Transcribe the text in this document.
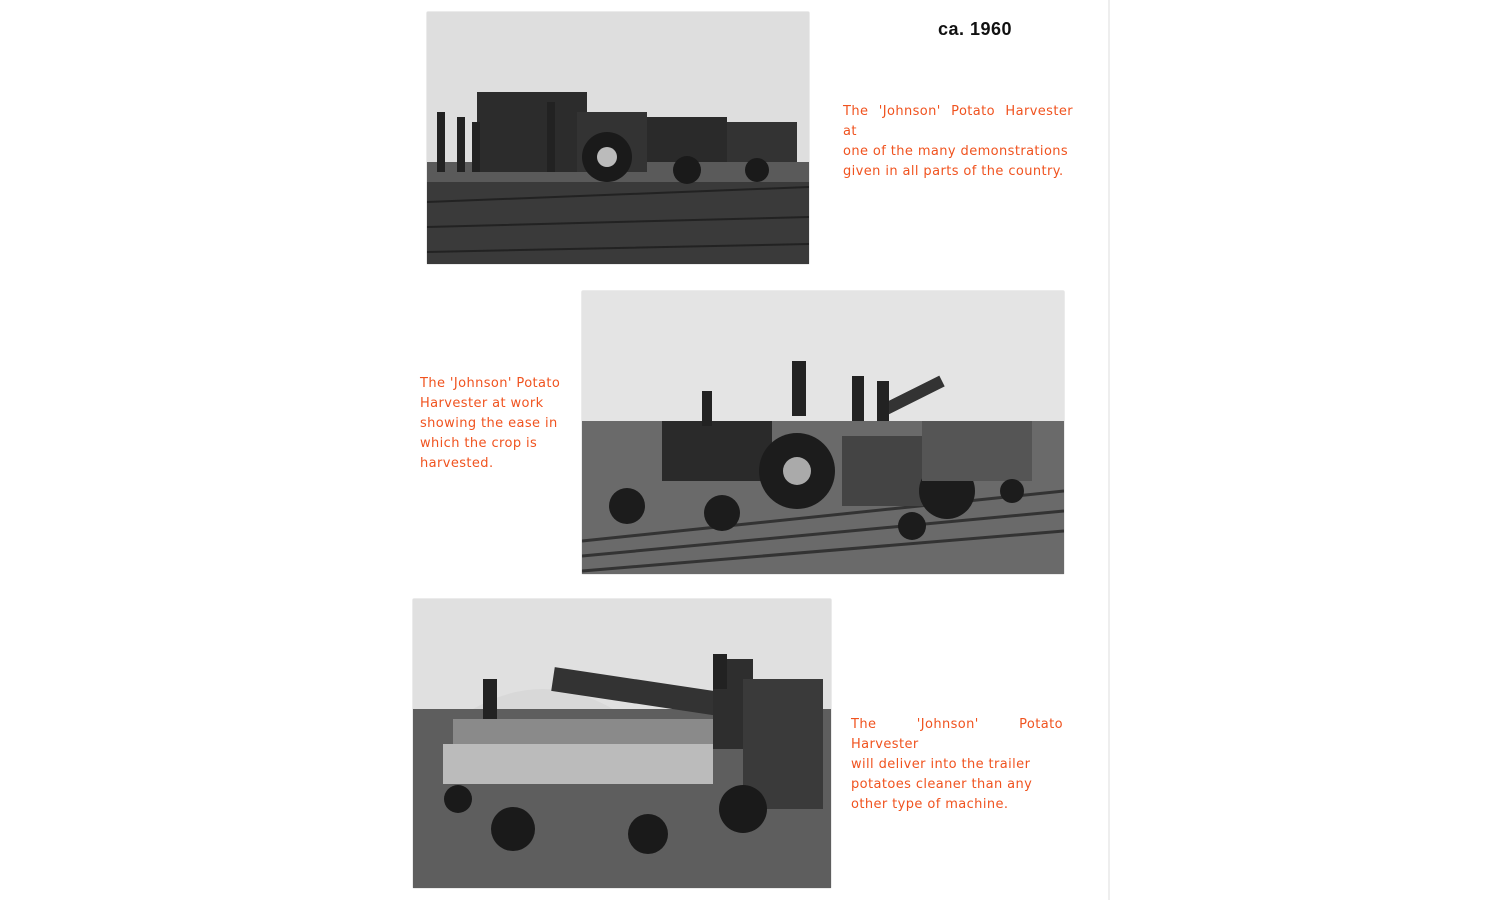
ca. 1960
The 'Johnson' Potato Harvester at
one of the many demonstrations
given in all parts of the country.
The 'Johnson' Potato
Harvester at work
showing the ease in
which the crop is
harvested.
The 'Johnson' Potato Harvester
will deliver into the trailer
potatoes cleaner than any
other type of machine.
